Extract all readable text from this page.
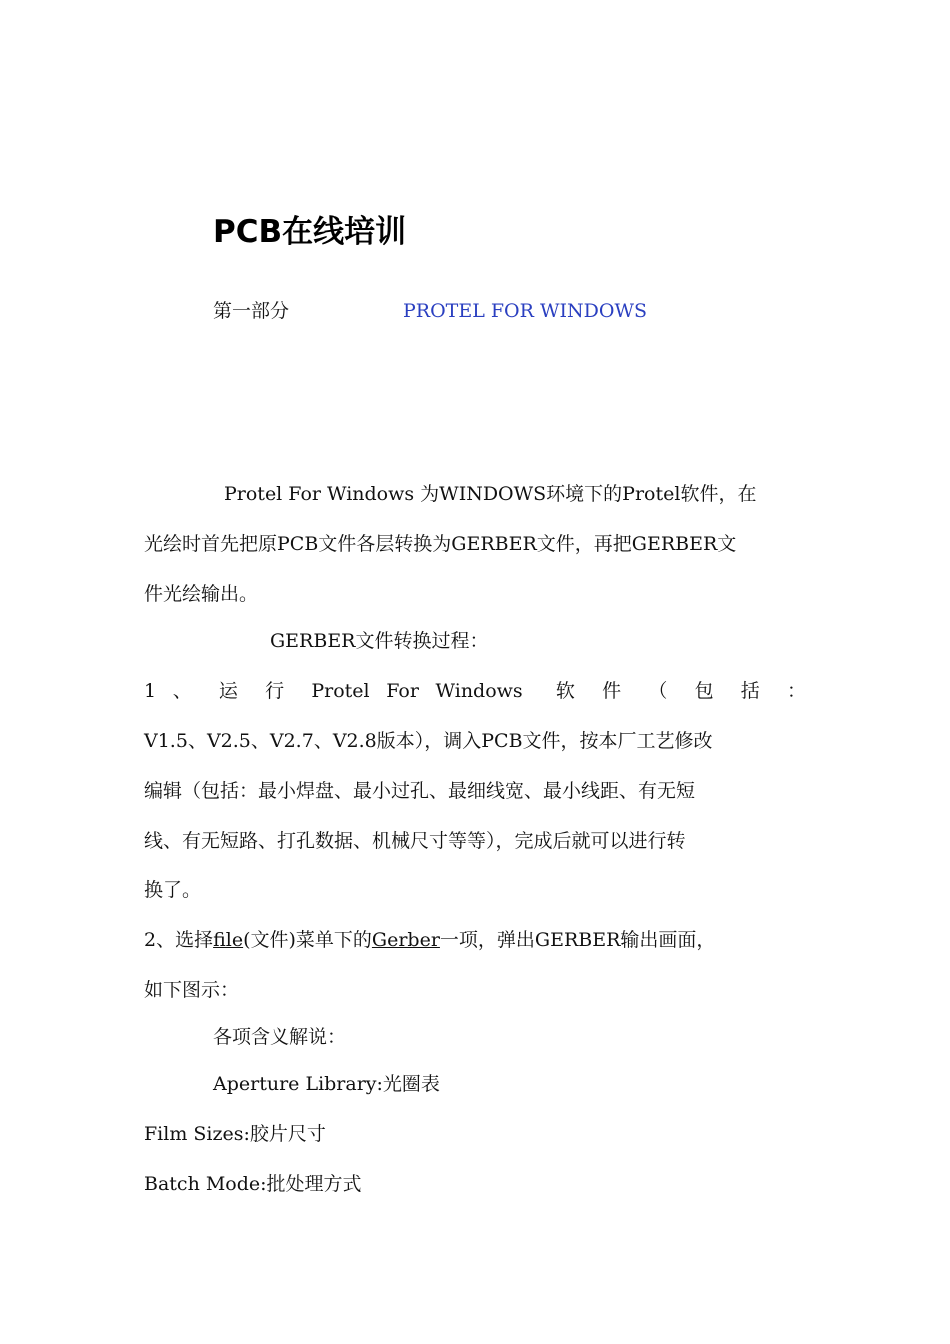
PCB在线培训
第一部分	PROTEL FOR WINDOWS
Protel For Windows 为WINDOWS环境下的Protel软件，在
光绘时首先把原PCB文件各层转换为GERBER文件，再把GERBER文
件光绘输出。
GERBER文件转换过程：
1 、 运 行 Protel For Windows  软 件 （ 包 括 ：
V1.5、V2.5、V2.7、V2.8版本），调入PCB文件，按本厂工艺修改
编辑（包括：最小焊盘、最小过孔、最细线宽、最小线距、有无短
线、有无短路、打孔数据、机械尺寸等等），完成后就可以进行转
换了。
2、选择file(文件)菜单下的Gerber一项，弹出GERBER输出画面，
如下图示：
各项含义解说：
Aperture Library:光圈表
Film Sizes:胶片尺寸
Batch Mode:批处理方式
